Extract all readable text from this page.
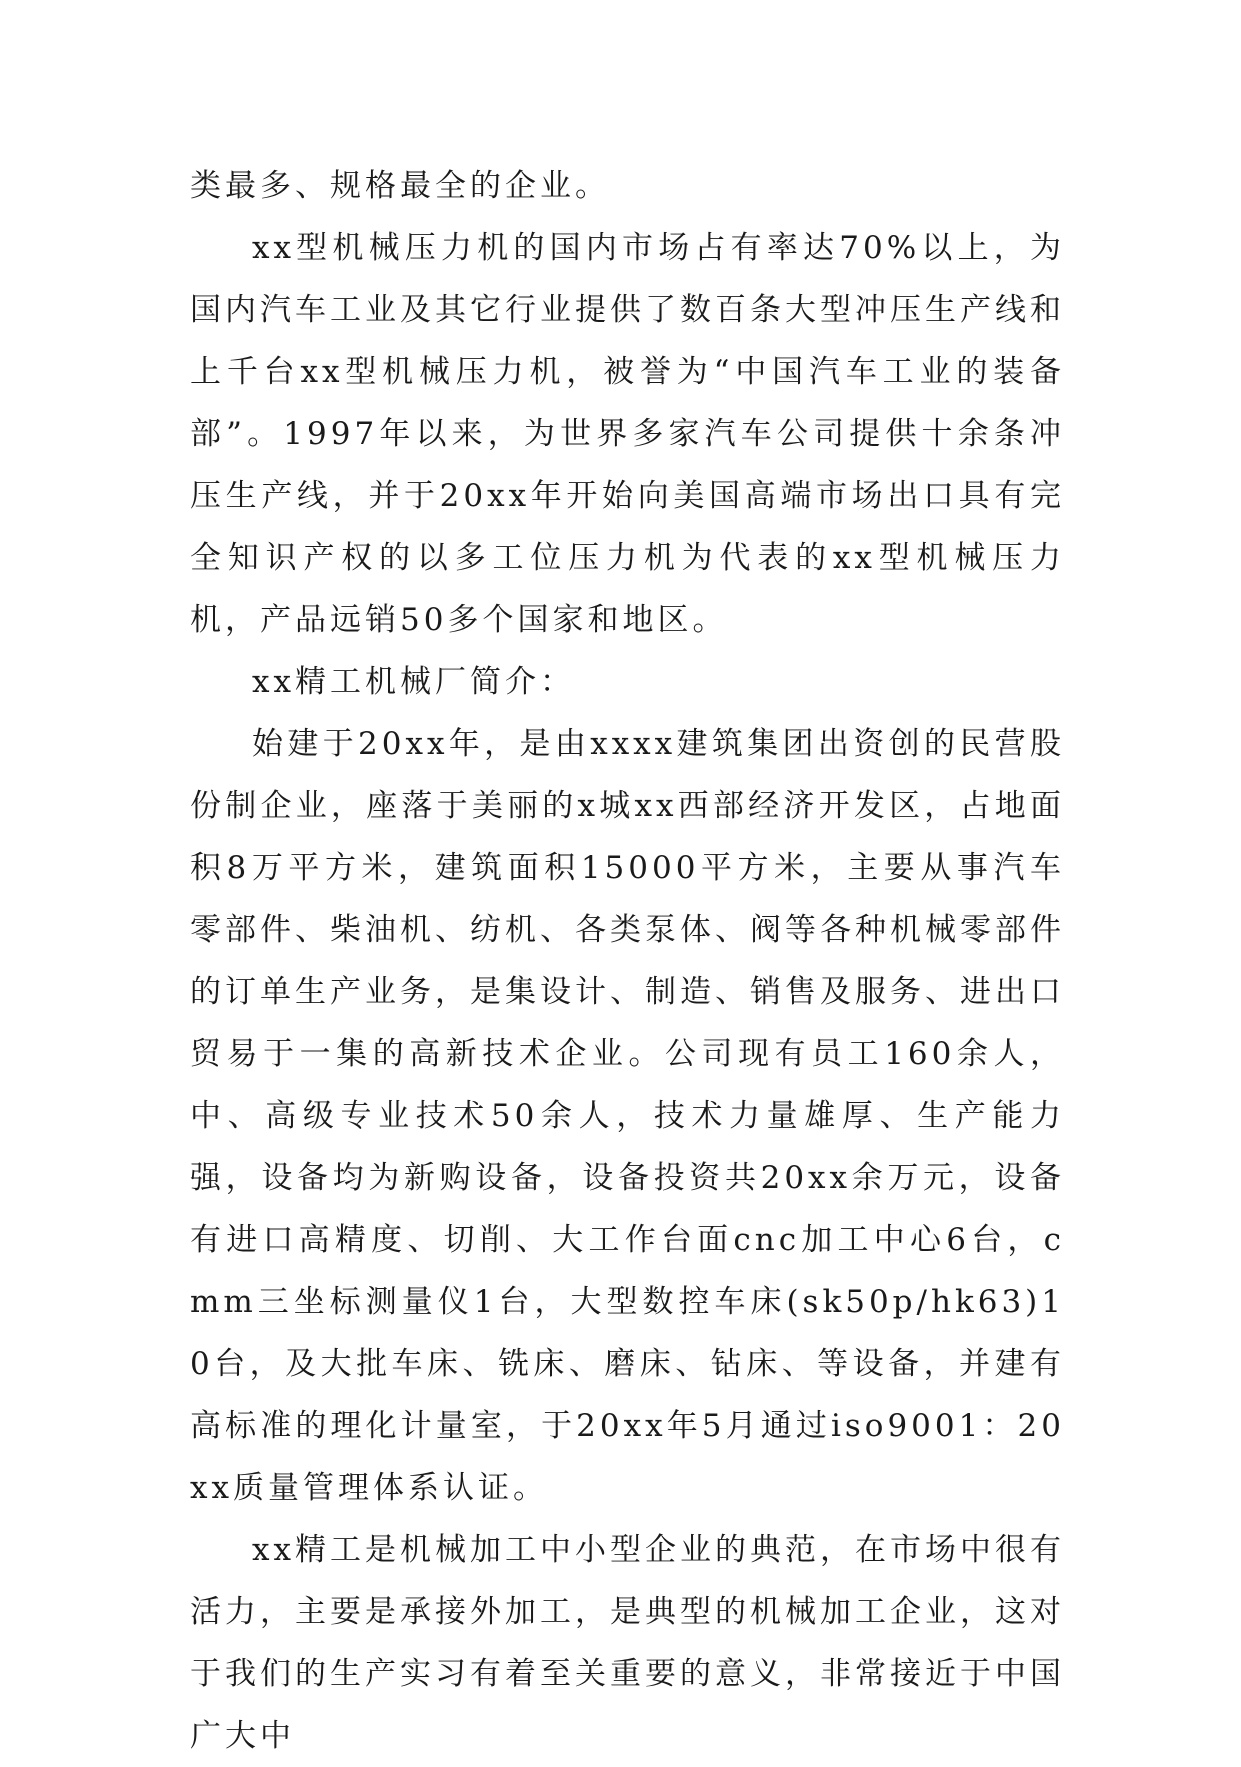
类最多、规格最全的企业。

xx型机械压力机的国内市场占有率达70%以上，为国内汽车工业及其它行业提供了数百条大型冲压生产线和上千台xx型机械压力机，被誉为“中国汽车工业的装备部”。1997年以来，为世界多家汽车公司提供十余条冲压生产线，并于20xx年开始向美国高端市场出口具有完全知识产权的以多工位压力机为代表的xx型机械压力机，产品远销50多个国家和地区。

xx精工机械厂简介：

始建于20xx年，是由xxxx建筑集团出资创的民营股份制企业，座落于美丽的x城xx西部经济开发区，占地面积8万平方米，建筑面积15000平方米，主要从事汽车零部件、柴油机、纺机、各类泵体、阀等各种机械零部件的订单生产业务，是集设计、制造、销售及服务、进出口贸易于一集的高新技术企业。公司现有员工160余人，中、高级专业技术50余人，技术力量雄厚、生产能力强，设备均为新购设备，设备投资共20xx余万元，设备有进口高精度、切削、大工作台面cnc加工中心6台，cmm三坐标测量仪1台，大型数控车床(sk50p/hk63)10台，及大批车床、铣床、磨床、钻床、等设备，并建有高标准的理化计量室，于20xx年5月通过iso9001：20xx质量管理体系认证。

xx精工是机械加工中小型企业的典范，在市场中很有活力，主要是承接外加工，是典型的机械加工企业，这对于我们的生产实习有着至关重要的意义，非常接近于中国广大中
